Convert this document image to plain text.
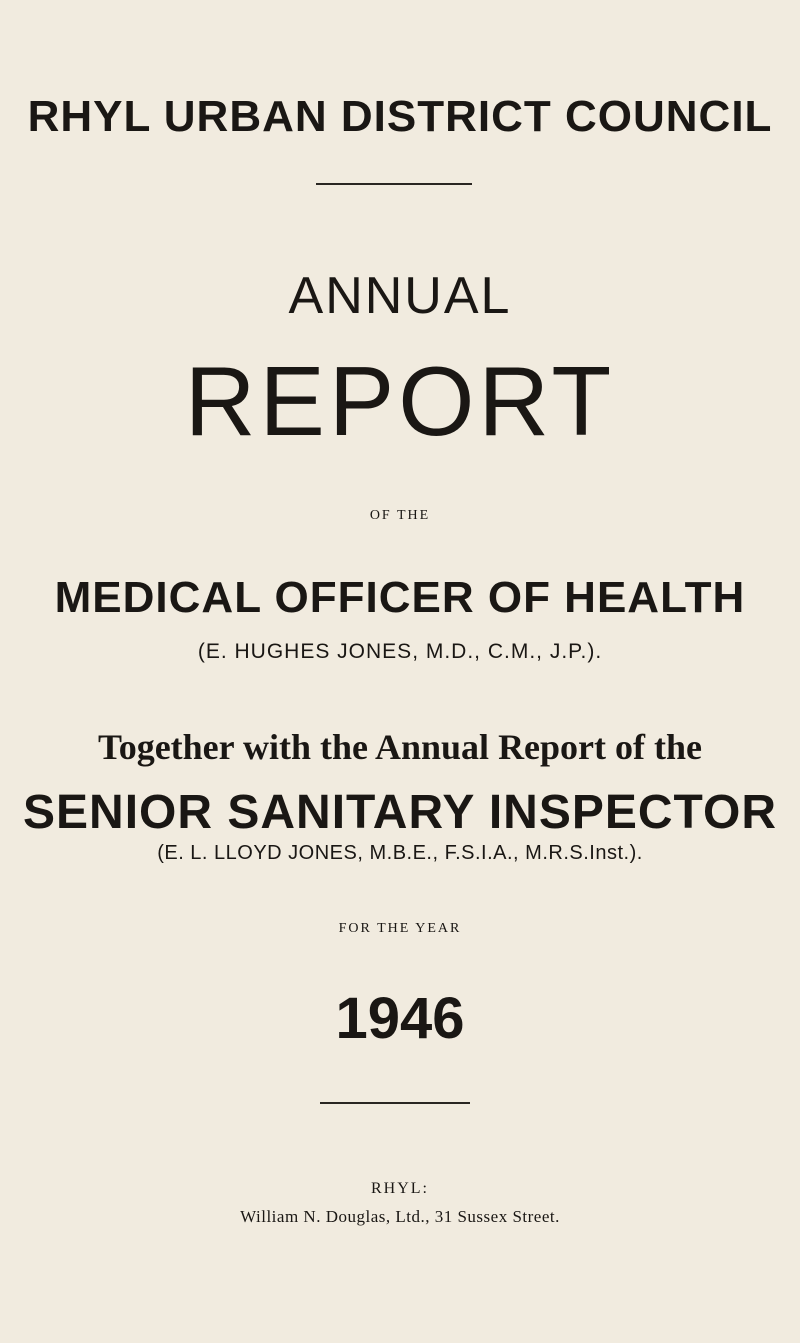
RHYL URBAN DISTRICT COUNCIL
ANNUAL
REPORT
OF THE
MEDICAL OFFICER OF HEALTH
(E. HUGHES JONES, M.D., C.M., J.P.).
Together with the Annual Report of the
SENIOR SANITARY INSPECTOR
(E. L. LLOYD JONES, M.B.E., F.S.I.A., M.R.S.Inst.).
FOR THE YEAR
1946
RHYL:
William N. Douglas, Ltd., 31 Sussex Street.
